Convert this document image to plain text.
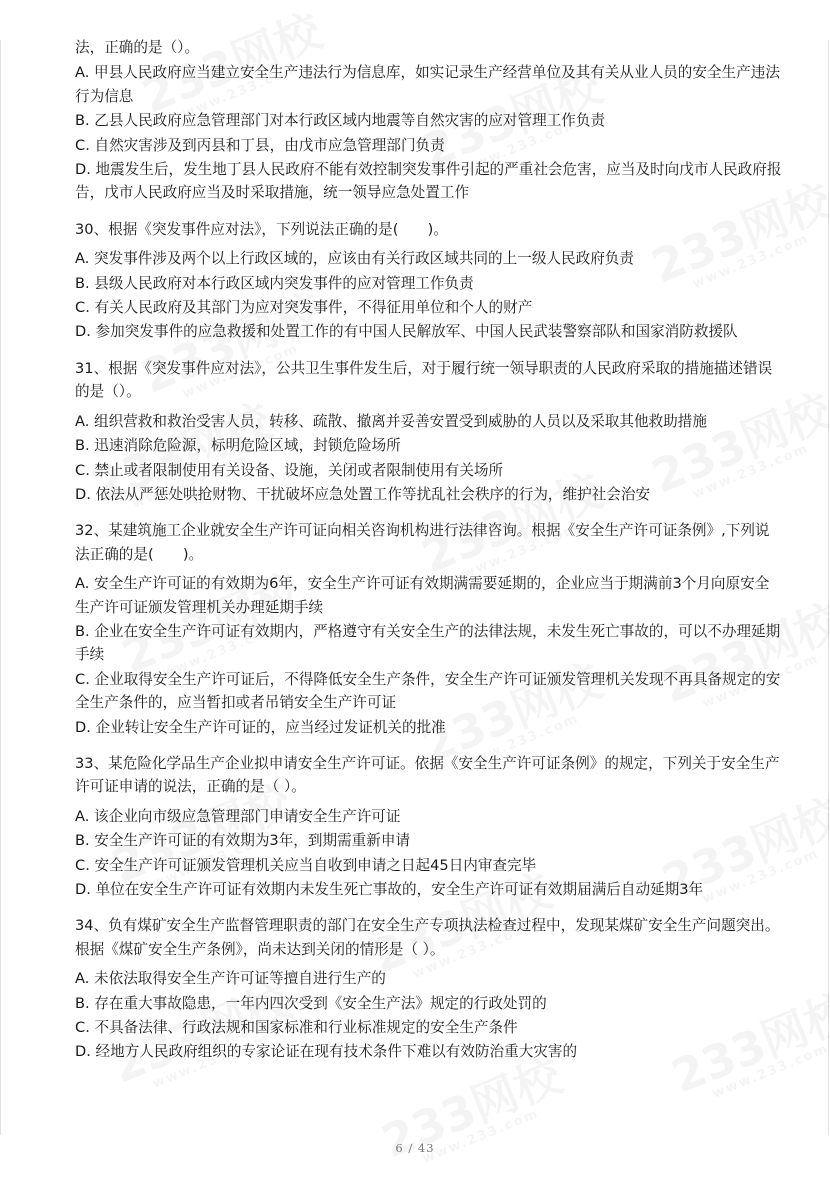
法，正确的是（）。

A. 甲县人民政府应当建立安全生产违法行为信息库，如实记录生产经营单位及其有关从业人员的安全生产违法行为信息

B. 乙县人民政府应急管理部门对本行政区域内地震等自然灾害的应对管理工作负责

C. 自然灾害涉及到丙县和丁县，由戊市应急管理部门负责

D. 地震发生后，发生地丁县人民政府不能有效控制突发事件引起的严重社会危害，应当及时向戊市人民政府报告，戊市人民政府应当及时采取措施，统一领导应急处置工作

30、根据《突发事件应对法》，下列说法正确的是(　　)。

A. 突发事件涉及两个以上行政区域的，应该由有关行政区域共同的上一级人民政府负责

B. 县级人民政府对本行政区域内突发事件的应对管理工作负责

C. 有关人民政府及其部门为应对突发事件，不得征用单位和个人的财产

D. 参加突发事件的应急救援和处置工作的有中国人民解放军、中国人民武装警察部队和国家消防救援队

31、根据《突发事件应对法》，公共卫生事件发生后，对于履行统一领导职责的人民政府采取的措施描述错误的是（）。

A. 组织营救和救治受害人员，转移、疏散、撤离并妥善安置受到威胁的人员以及采取其他救助措施

B. 迅速消除危险源，标明危险区域，封锁危险场所

C. 禁止或者限制使用有关设备、设施，关闭或者限制使用有关场所

D. 依法从严惩处哄抢财物、干扰破坏应急处置工作等扰乱社会秩序的行为，维护社会治安

32、某建筑施工企业就安全生产许可证向相关咨询机构进行法律咨询。根据《安全生产许可证条例》,下列说法正确的是(　　)。

A. 安全生产许可证的有效期为6年，安全生产许可证有效期满需要延期的，企业应当于期满前3个月向原安全生产许可证颁发管理机关办理延期手续

B. 企业在安全生产许可证有效期内，严格遵守有关安全生产的法律法规，未发生死亡事故的，可以不办理延期手续

C. 企业取得安全生产许可证后，不得降低安全生产条件，安全生产许可证颁发管理机关发现不再具备规定的安全生产条件的，应当暂扣或者吊销安全生产许可证

D. 企业转让安全生产许可证的，应当经过发证机关的批准

33、某危险化学品生产企业拟申请安全生产许可证。依据《安全生产许可证条例》的规定，下列关于安全生产许可证申请的说法，正确的是（ ）。

A. 该企业向市级应急管理部门申请安全生产许可证

B. 安全生产许可证的有效期为3年，到期需重新申请

C. 安全生产许可证颁发管理机关应当自收到申请之日起45日内审查完毕

D. 单位在安全生产许可证有效期内未发生死亡事故的，安全生产许可证有效期届满后自动延期3年

34、负有煤矿安全生产监督管理职责的部门在安全生产专项执法检查过程中，发现某煤矿安全生产问题突出。根据《煤矿安全生产条例》，尚未达到关闭的情形是（ ）。

A. 未依法取得安全生产许可证等擅自进行生产的

B. 存在重大事故隐患，一年内四次受到《安全生产法》规定的行政处罚的

C. 不具备法律、行政法规和国家标准和行业标准规定的安全生产条件

D. 经地方人民政府组织的专家论证在现有技术条件下难以有效防治重大灾害的

6 / 43
